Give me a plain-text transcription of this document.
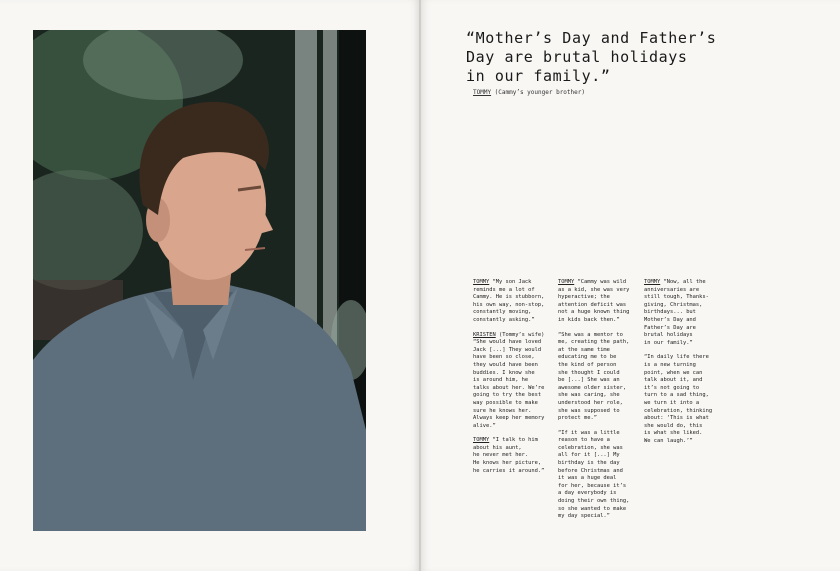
“Mother’s Day and Father’s
Day are brutal holidays
in our family.”
TOMMY (Cammy’s younger brother)

TOMMY “My son Jack
reminds me a lot of
Cammy. He is stubborn,
his own way, non-stop,
constantly moving,
constantly asking.”

KRISTEN (Tommy’s wife)
“She would have loved
Jack [...] They would
have been so close,
they would have been
buddies. I know she
is around him, he
talks about her. We’re
going to try the best
way possible to make
sure he knows her.
Always keep her memory
alive.”

TOMMY “I talk to him
about his aunt,
he never met her.
He knows her picture,
he carries it around.”

TOMMY “Cammy was wild
as a kid, she was very
hyperactive; the
attention deficit was
not a huge known thing
in kids back then.”

“She was a mentor to
me, creating the path,
at the same time
educating me to be
the kind of person
she thought I could
be [...] She was an
awesome older sister,
she was caring, she
understood her role,
she was supposed to
protect me.”

“If it was a little
reason to have a
celebration, she was
all for it [...] My
birthday is the day
before Christmas and
it was a huge deal
for her, because it’s
a day everybody is
doing their own thing,
so she wanted to make
my day special.”

TOMMY “Now, all the
anniversaries are
still tough, Thanks-
giving, Christmas,
birthdays... but
Mother’s Day and
Father’s Day are
brutal holidays
in our family.”

“In daily life there
is a new turning
point, when we can
talk about it, and
it’s not going to
turn to a sad thing,
we turn it into a
celebration, thinking
about: ‘This is what
she would do, this
is what she liked.
We can laugh.’”
